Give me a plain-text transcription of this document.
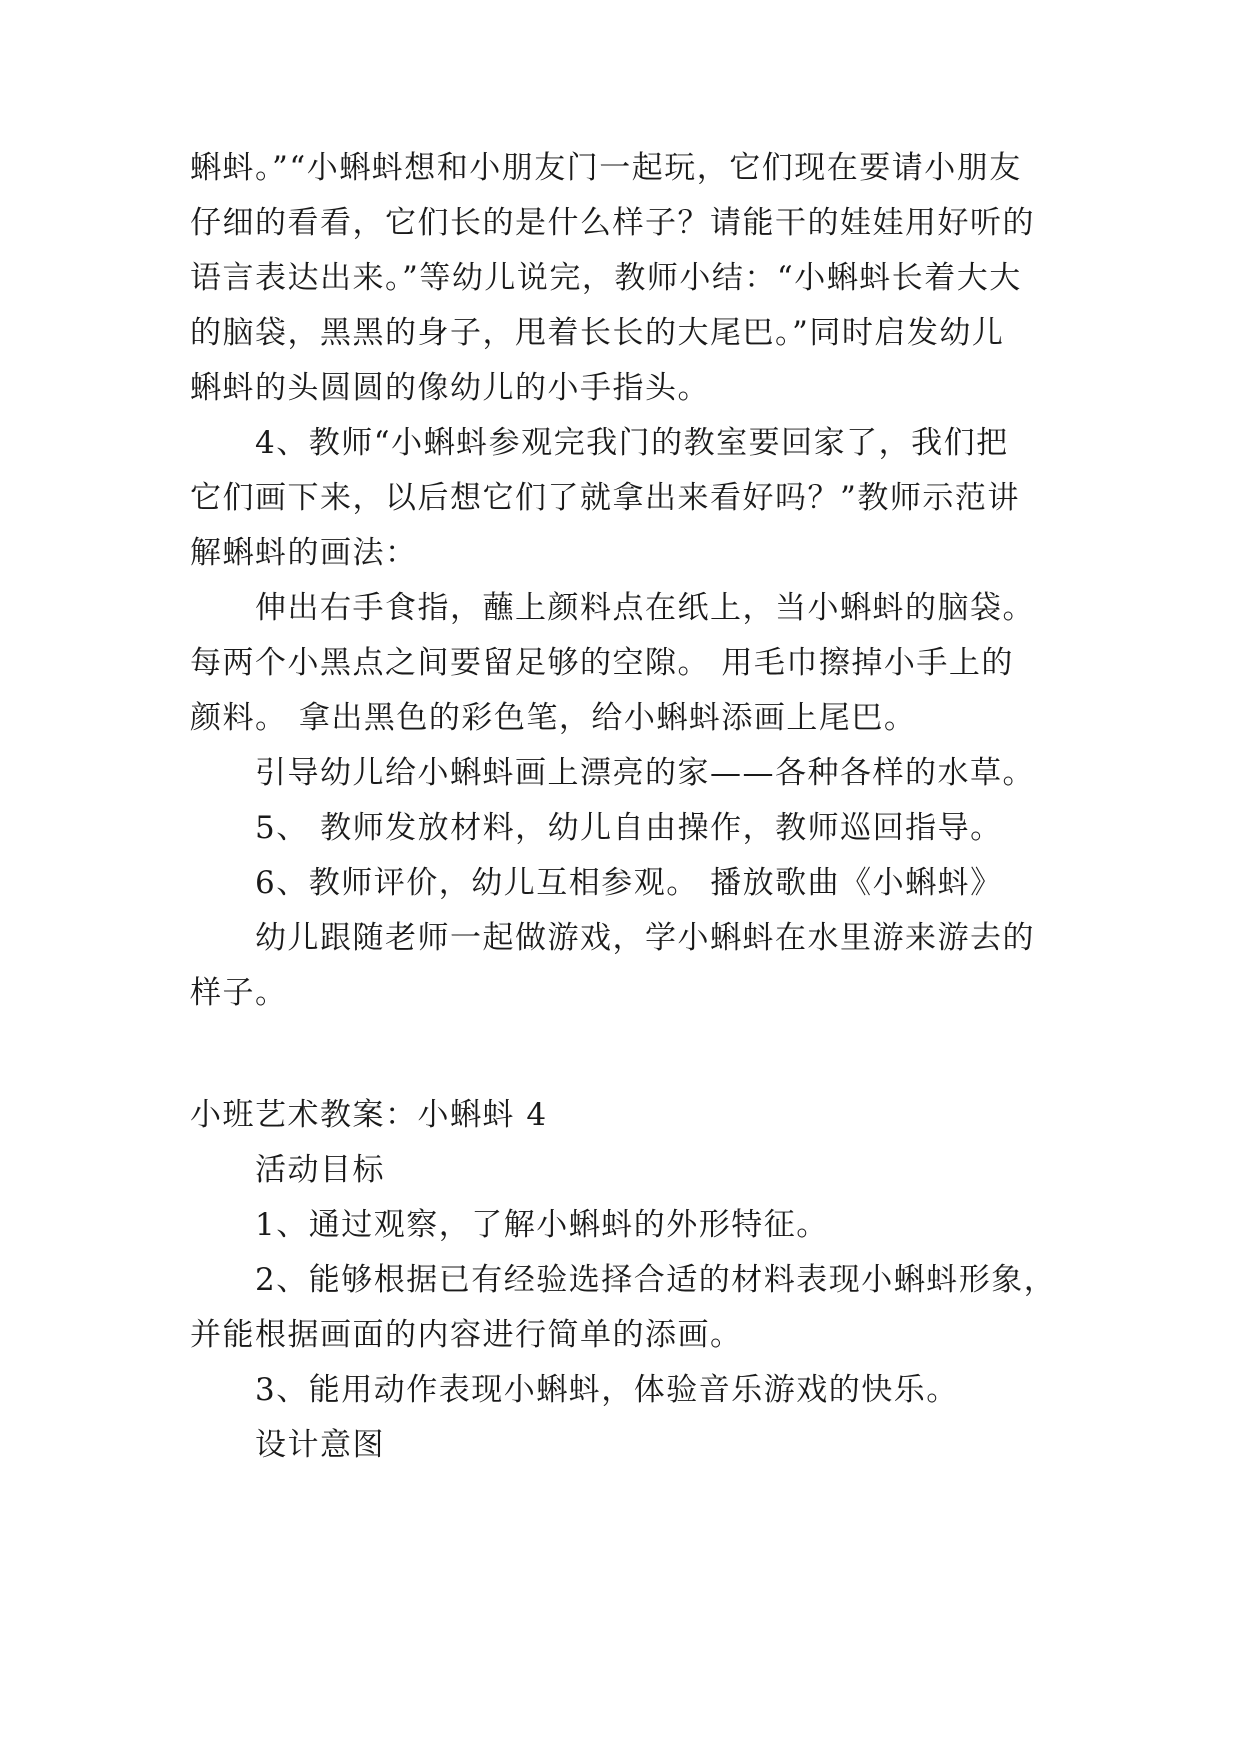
蝌蚪。”“小蝌蚪想和小朋友门一起玩，它们现在要请小朋友
仔细的看看，它们长的是什么样子？请能干的娃娃用好听的
语言表达出来。”等幼儿说完，教师小结：“小蝌蚪长着大大
的脑袋，黑黑的身子，甩着长长的大尾巴。”同时启发幼儿
蝌蚪的头圆圆的像幼儿的小手指头。
4、教师“小蝌蚪参观完我门的教室要回家了，我们把
它们画下来，以后想它们了就拿出来看好吗？”教师示范讲
解蝌蚪的画法：
伸出右手食指，蘸上颜料点在纸上，当小蝌蚪的脑袋。
每两个小黑点之间要留足够的空隙。 用毛巾擦掉小手上的
颜料。 拿出黑色的彩色笔，给小蝌蚪添画上尾巴。
引导幼儿给小蝌蚪画上漂亮的家——各种各样的水草。
5、 教师发放材料，幼儿自由操作，教师巡回指导。
6、教师评价，幼儿互相参观。 播放歌曲《小蝌蚪》
幼儿跟随老师一起做游戏，学小蝌蚪在水里游来游去的
样子。
小班艺术教案：小蝌蚪 4
活动目标
1、通过观察，了解小蝌蚪的外形特征。
2、能够根据已有经验选择合适的材料表现小蝌蚪形象，
并能根据画面的内容进行简单的添画。
3、能用动作表现小蝌蚪，体验音乐游戏的快乐。
设计意图
